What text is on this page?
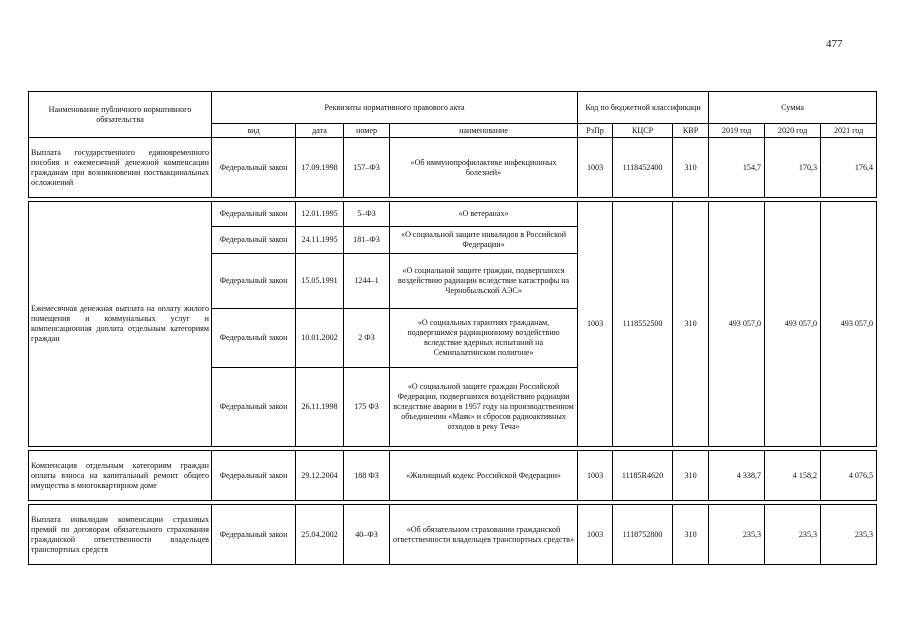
477
Наименование публичного нормативного обязательства	Реквизиты нормативного правового акта				Код по бюджетной классификаци			Сумма		
	вид	дата	номер	наименование	РзПр	КЦСР	КВР	2019 год	2020 год	2021 год
Выплата государственного единовременного пособия и ежемесячной денежной компенсации гражданам при возникновении поствакцинальных осложнений	Федеральный закон	17.09.1998	157–ФЗ	«Об иммунопрофилактике инфекционных болезней»	1003	1118452400	310	154,7	170,3	176,4

Ежемесячная денежная выплата на оплату жилого помещения и коммунальных услуг и компенсационная доплата отдельным категориям граждан	Федеральный закон	12.01.1995	5–ФЗ	«О ветеранах»	1003	1118552500	310	493 057,0	493 057,0	493 057,0
	Федеральный закон	24.11.1995	181–ФЗ	«О социальной защите инвалидов в Российской Федерации»						
	Федеральный закон	15.05.1991	1244–1	«О социальной защите граждан, подвергшихся воздействию радиации вследствие катастрофы на Чернобыльской АЭС»						
	Федеральный закон	10.01.2002	2 ФЗ	«О социальных гарантиях гражданам, подвергшимся радиационному воздействию вследствие ядерных испытаний на Семипалатинском полигоне»						
	Федеральный закон	26.11.1998	175 ФЗ	«О социальной защите граждан Российской Федерации, подвергшихся воздействию радиации вследствие аварии в 1957 году на производственном объединении «Маяк» и сбросов радиоактивных отходов в реку Теча»						

Компенсация отдельным категориям граждан оплаты взноса на капитальный ремонт общего имущества в многоквартирном доме	Федеральный закон	29.12.2004	188 ФЗ	«Жилищный кодекс Российской Федерации»	1003	11185R4620	310	4 338,7	4 158,2	4 076,5

Выплата инвалидам компенсации страховых премий по договорам обязательного страхования гражданской ответственности владельцев транспортных средств	Федеральный закон	25.04.2002	40–ФЗ	«Об обязательном страховании гражданской ответственности владельцев транспортных средств»	1003	1118752800	310	235,3	235,3	235,3
